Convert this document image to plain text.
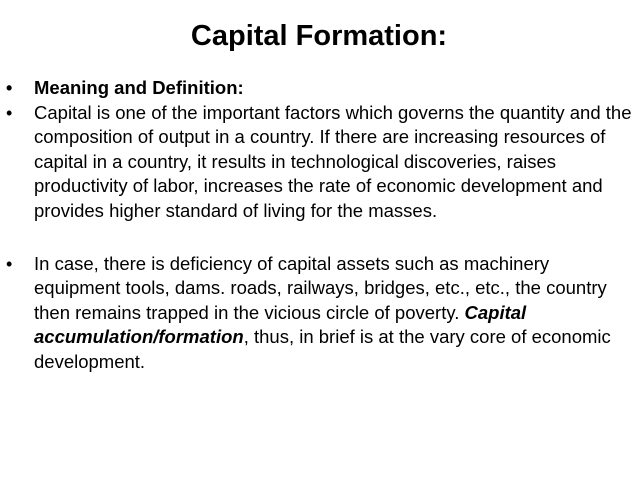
Capital Formation:
• Meaning and Definition:
• Capital is one of the important factors which governs the quantity and the composition of output in a country. If there are increasing resources of capital in a country, it results in technological discoveries, raises productivity of labor, increases the rate of economic development and provides higher standard of living for the masses.
• In case, there is deficiency of capital assets such as machinery equipment tools, dams. roads, railways, bridges, etc., etc., the country then remains trapped in the vicious circle of poverty. Capital accumulation/formation, thus, in brief is at the vary core of economic development.
